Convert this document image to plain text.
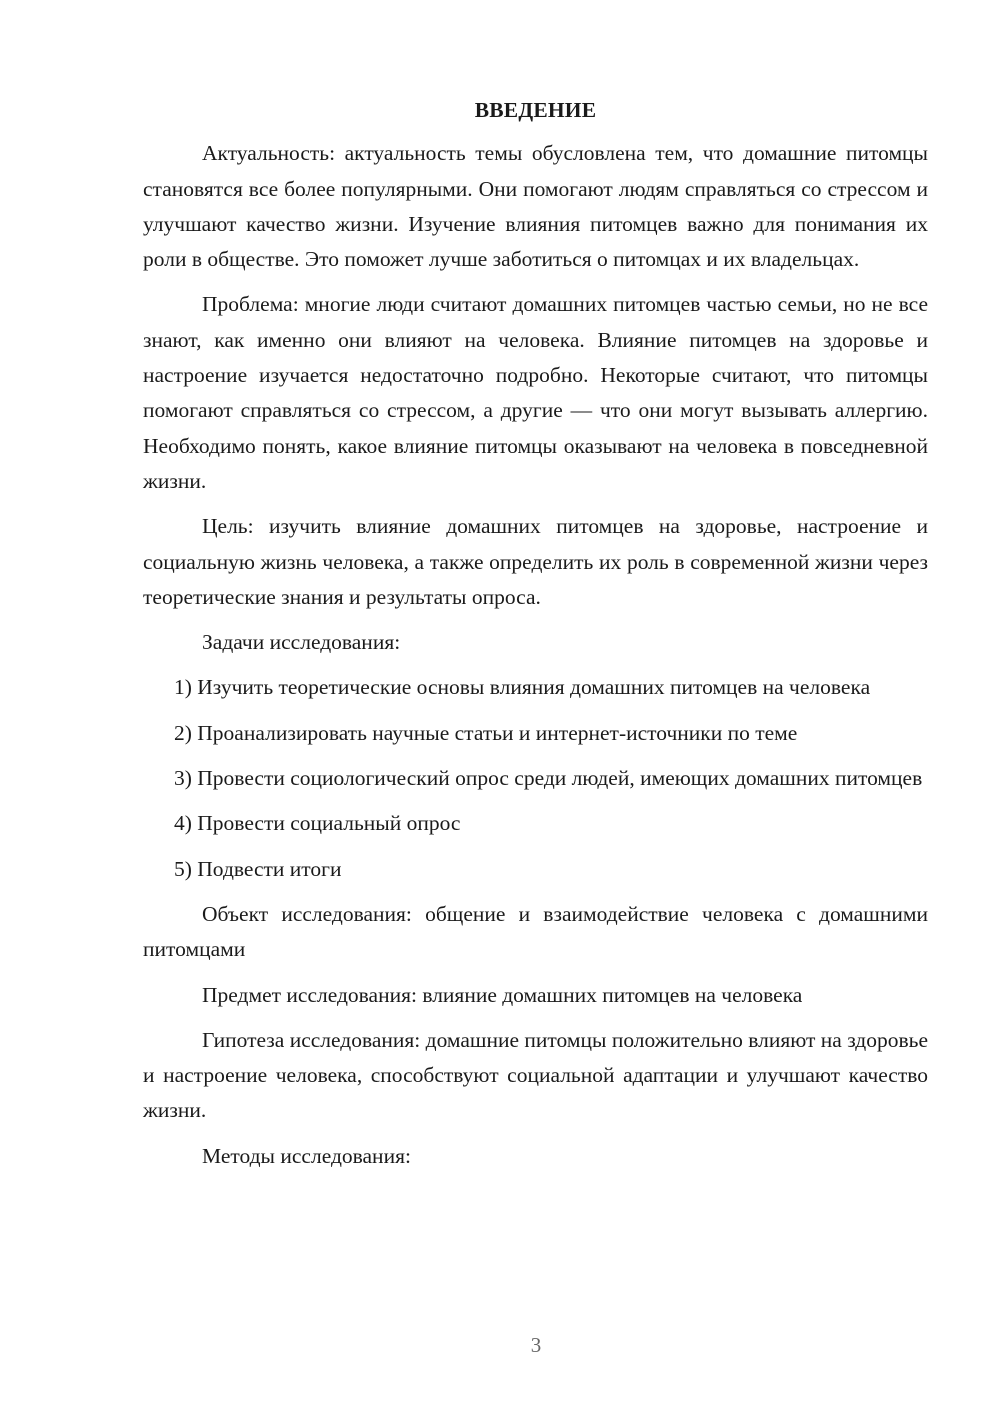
ВВЕДЕНИЕ

Актуальность: актуальность темы обусловлена тем, что домашние питомцы становятся все более популярными. Они помогают людям справляться со стрессом и улучшают качество жизни. Изучение влияния питомцев важно для понимания их роли в обществе. Это поможет лучше заботиться о питомцах и их владельцах.

Проблема: многие люди считают домашних питомцев частью семьи, но не все знают, как именно они влияют на человека. Влияние питомцев на здоровье и настроение изучается недостаточно подробно. Некоторые считают, что питомцы помогают справляться со стрессом, а другие — что они могут вызывать аллергию. Необходимо понять, какое влияние питомцы оказывают на человека в повседневной жизни.

Цель: изучить влияние домашних питомцев на здоровье, настроение и социальную жизнь человека, а также определить их роль в современной жизни через теоретические знания и результаты опроса.

Задачи исследования:

1) Изучить теоретические основы влияния домашних питомцев на человека

2) Проанализировать научные статьи и интернет-источники по теме

3) Провести социологический опрос среди людей, имеющих домашних питомцев

4) Провести социальный опрос

5) Подвести итоги

Объект исследования: общение и взаимодействие человека с домашними питомцами

Предмет исследования: влияние домашних питомцев на человека

Гипотеза исследования: домашние питомцы положительно влияют на здоровье и настроение человека, способствуют социальной адаптации и улучшают качество жизни.

Методы исследования:

3
